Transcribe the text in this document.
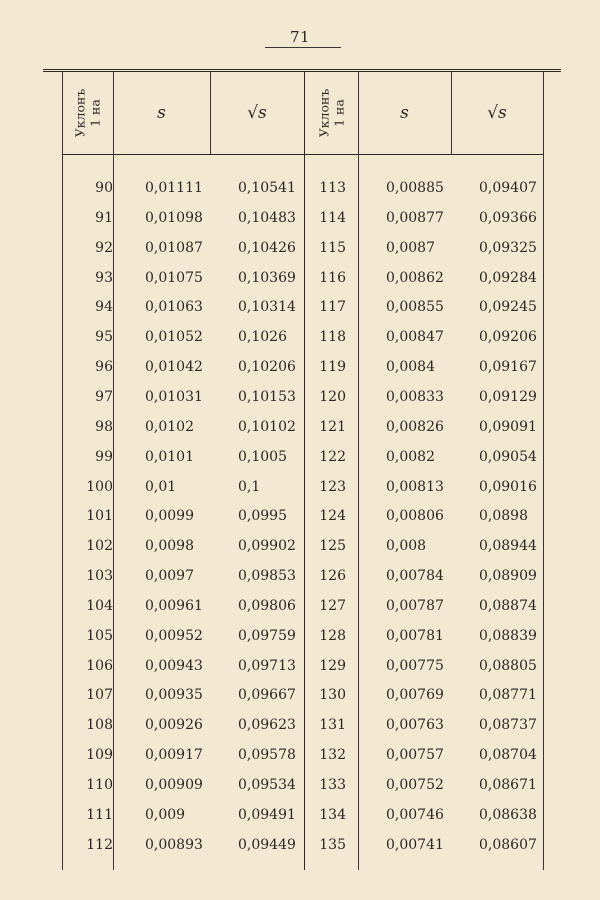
71
Уклонъ
1 на	s	√s	Уклонъ
1 на	s	√s
90 0,01111	0,10541	113	0,00885	0,09407
91 0,01098	0,10483	114	0,00877	0,09366
92 0,01087	0,10426	115	0,0087	0,09325
93 0,01075	0,10369	116	0,00862	0,09284
94 0,01063	0,10314	117	0,00855	0,09245
95 0,01052	0,1026	118	0,00847	0,09206
96 0,01042	0,10206	119	0,0084	0,09167
97 0,01031	0,10153	120	0,00833	0,09129
98 0,0102	0,10102	121	0,00826	0,09091
99 0,0101	0,1005	122	0,0082	0,09054
100 0,01	0,1	123	0,00813	0,09016
101 0,0099	0,0995	124	0,00806	0,0898
102 0,0098	0,09902	125	0,008	0,08944
103 0,0097	0,09853	126	0,00784	0,08909
104 0,00961	0,09806	127	0,00787	0,08874
105 0,00952	0,09759	128	0,00781	0,08839
106 0,00943	0,09713	129	0,00775	0,08805
107 0,00935	0,09667	130	0,00769	0,08771
108 0,00926	0,09623	131	0,00763	0,08737
109 0,00917	0,09578	132	0,00757	0,08704
110 0,00909	0,09534	133	0,00752	0,08671
111 0,009	0,09491	134	0,00746	0,08638
112 0,00893	0,09449	135	0,00741	0,08607
